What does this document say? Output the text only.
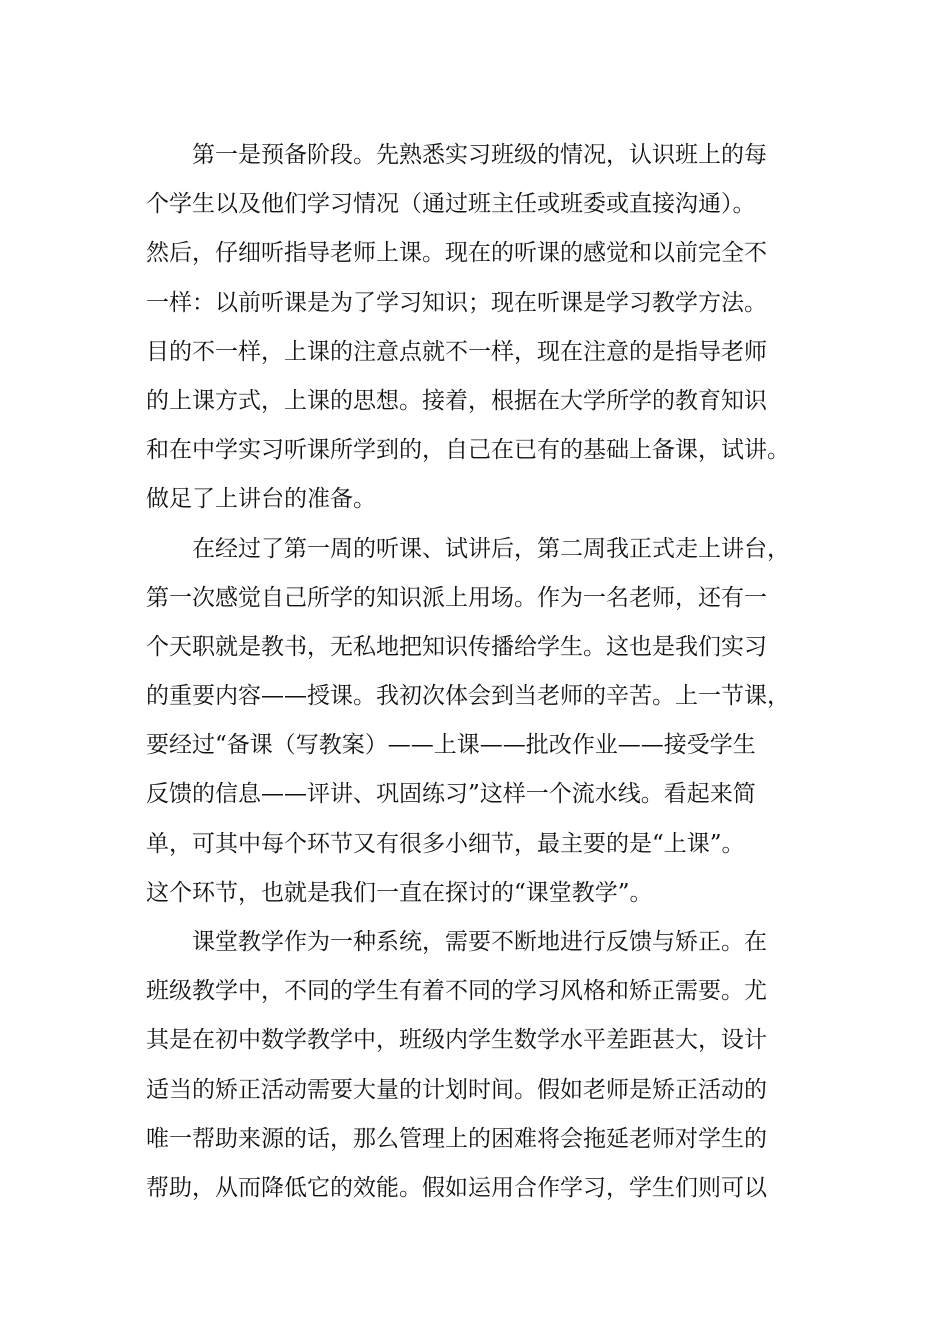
第一是预备阶段。先熟悉实习班级的情况，认识班上的每
个学生以及他们学习情况（通过班主任或班委或直接沟通）。
然后，仔细听指导老师上课。现在的听课的感觉和以前完全不
一样：以前听课是为了学习知识；现在听课是学习教学方法。
目的不一样，上课的注意点就不一样，现在注意的是指导老师
的上课方式，上课的思想。接着，根据在大学所学的教育知识
和在中学实习听课所学到的，自己在已有的基础上备课，试讲。
做足了上讲台的准备。
在经过了第一周的听课、试讲后，第二周我正式走上讲台，
第一次感觉自己所学的知识派上用场。作为一名老师，还有一
个天职就是教书，无私地把知识传播给学生。这也是我们实习
的重要内容——授课。我初次体会到当老师的辛苦。上一节课，
要经过“备课（写教案）——上课——批改作业——接受学生
反馈的信息——评讲、巩固练习”这样一个流水线。看起来简
单，可其中每个环节又有很多小细节，最主要的是“上课”。
这个环节，也就是我们一直在探讨的“课堂教学”。
课堂教学作为一种系统，需要不断地进行反馈与矫正。在
班级教学中，不同的学生有着不同的学习风格和矫正需要。尤
其是在初中数学教学中，班级内学生数学水平差距甚大，设计
适当的矫正活动需要大量的计划时间。假如老师是矫正活动的
唯一帮助来源的话，那么管理上的困难将会拖延老师对学生的
帮助，从而降低它的效能。假如运用合作学习，学生们则可以
